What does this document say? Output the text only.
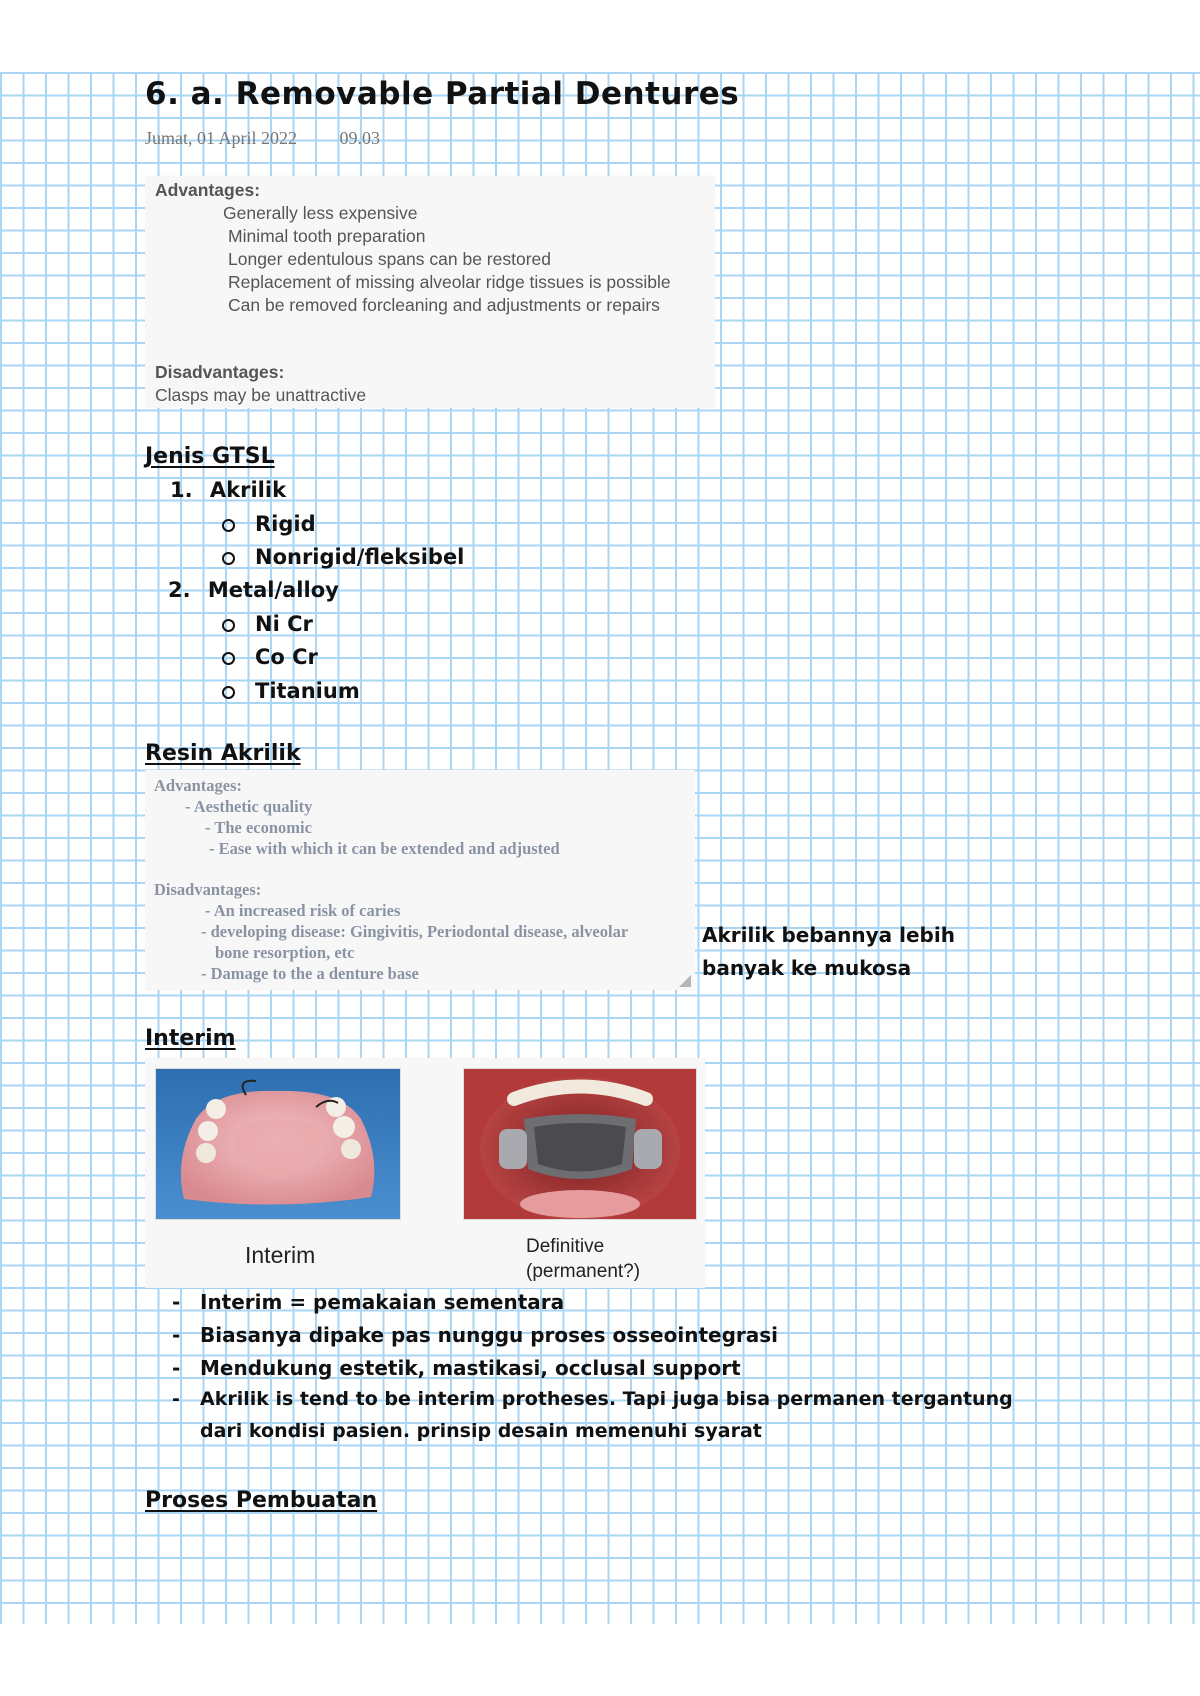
6. a. Removable Partial Dentures
Jumat, 01 April 2022 09.03
Advantages:
Generally less expensive
Minimal tooth preparation
Longer edentulous spans can be restored
Replacement of missing alveolar ridge tissues is possible
Can be removed forcleaning and adjustments or repairs
Disadvantages:
Clasps may be unattractive
Jenis GTSL
1. Akrilik
Rigid
Nonrigid/fleksibel
2. Metal/alloy
Ni Cr
Co Cr
Titanium
Resin Akrilik
Advantages:
- Aesthetic quality
- The economic
- Ease with which it can be extended and adjusted
Disadvantages:
- An increased risk of caries
- developing disease: Gingivitis, Periodontal disease, alveolar
bone resorption, etc
- Damage to the a denture base
Akrilik bebannya lebih
banyak ke mukosa
Interim
Interim	Definitive
(permanent?)
- Interim = pemakaian sementara
- Biasanya dipake pas nunggu proses osseointegrasi
- Mendukung estetik, mastikasi, occlusal support
- Akrilik is tend to be interim protheses. Tapi juga bisa permanen tergantung
dari kondisi pasien. prinsip desain memenuhi syarat
Proses Pembuatan
